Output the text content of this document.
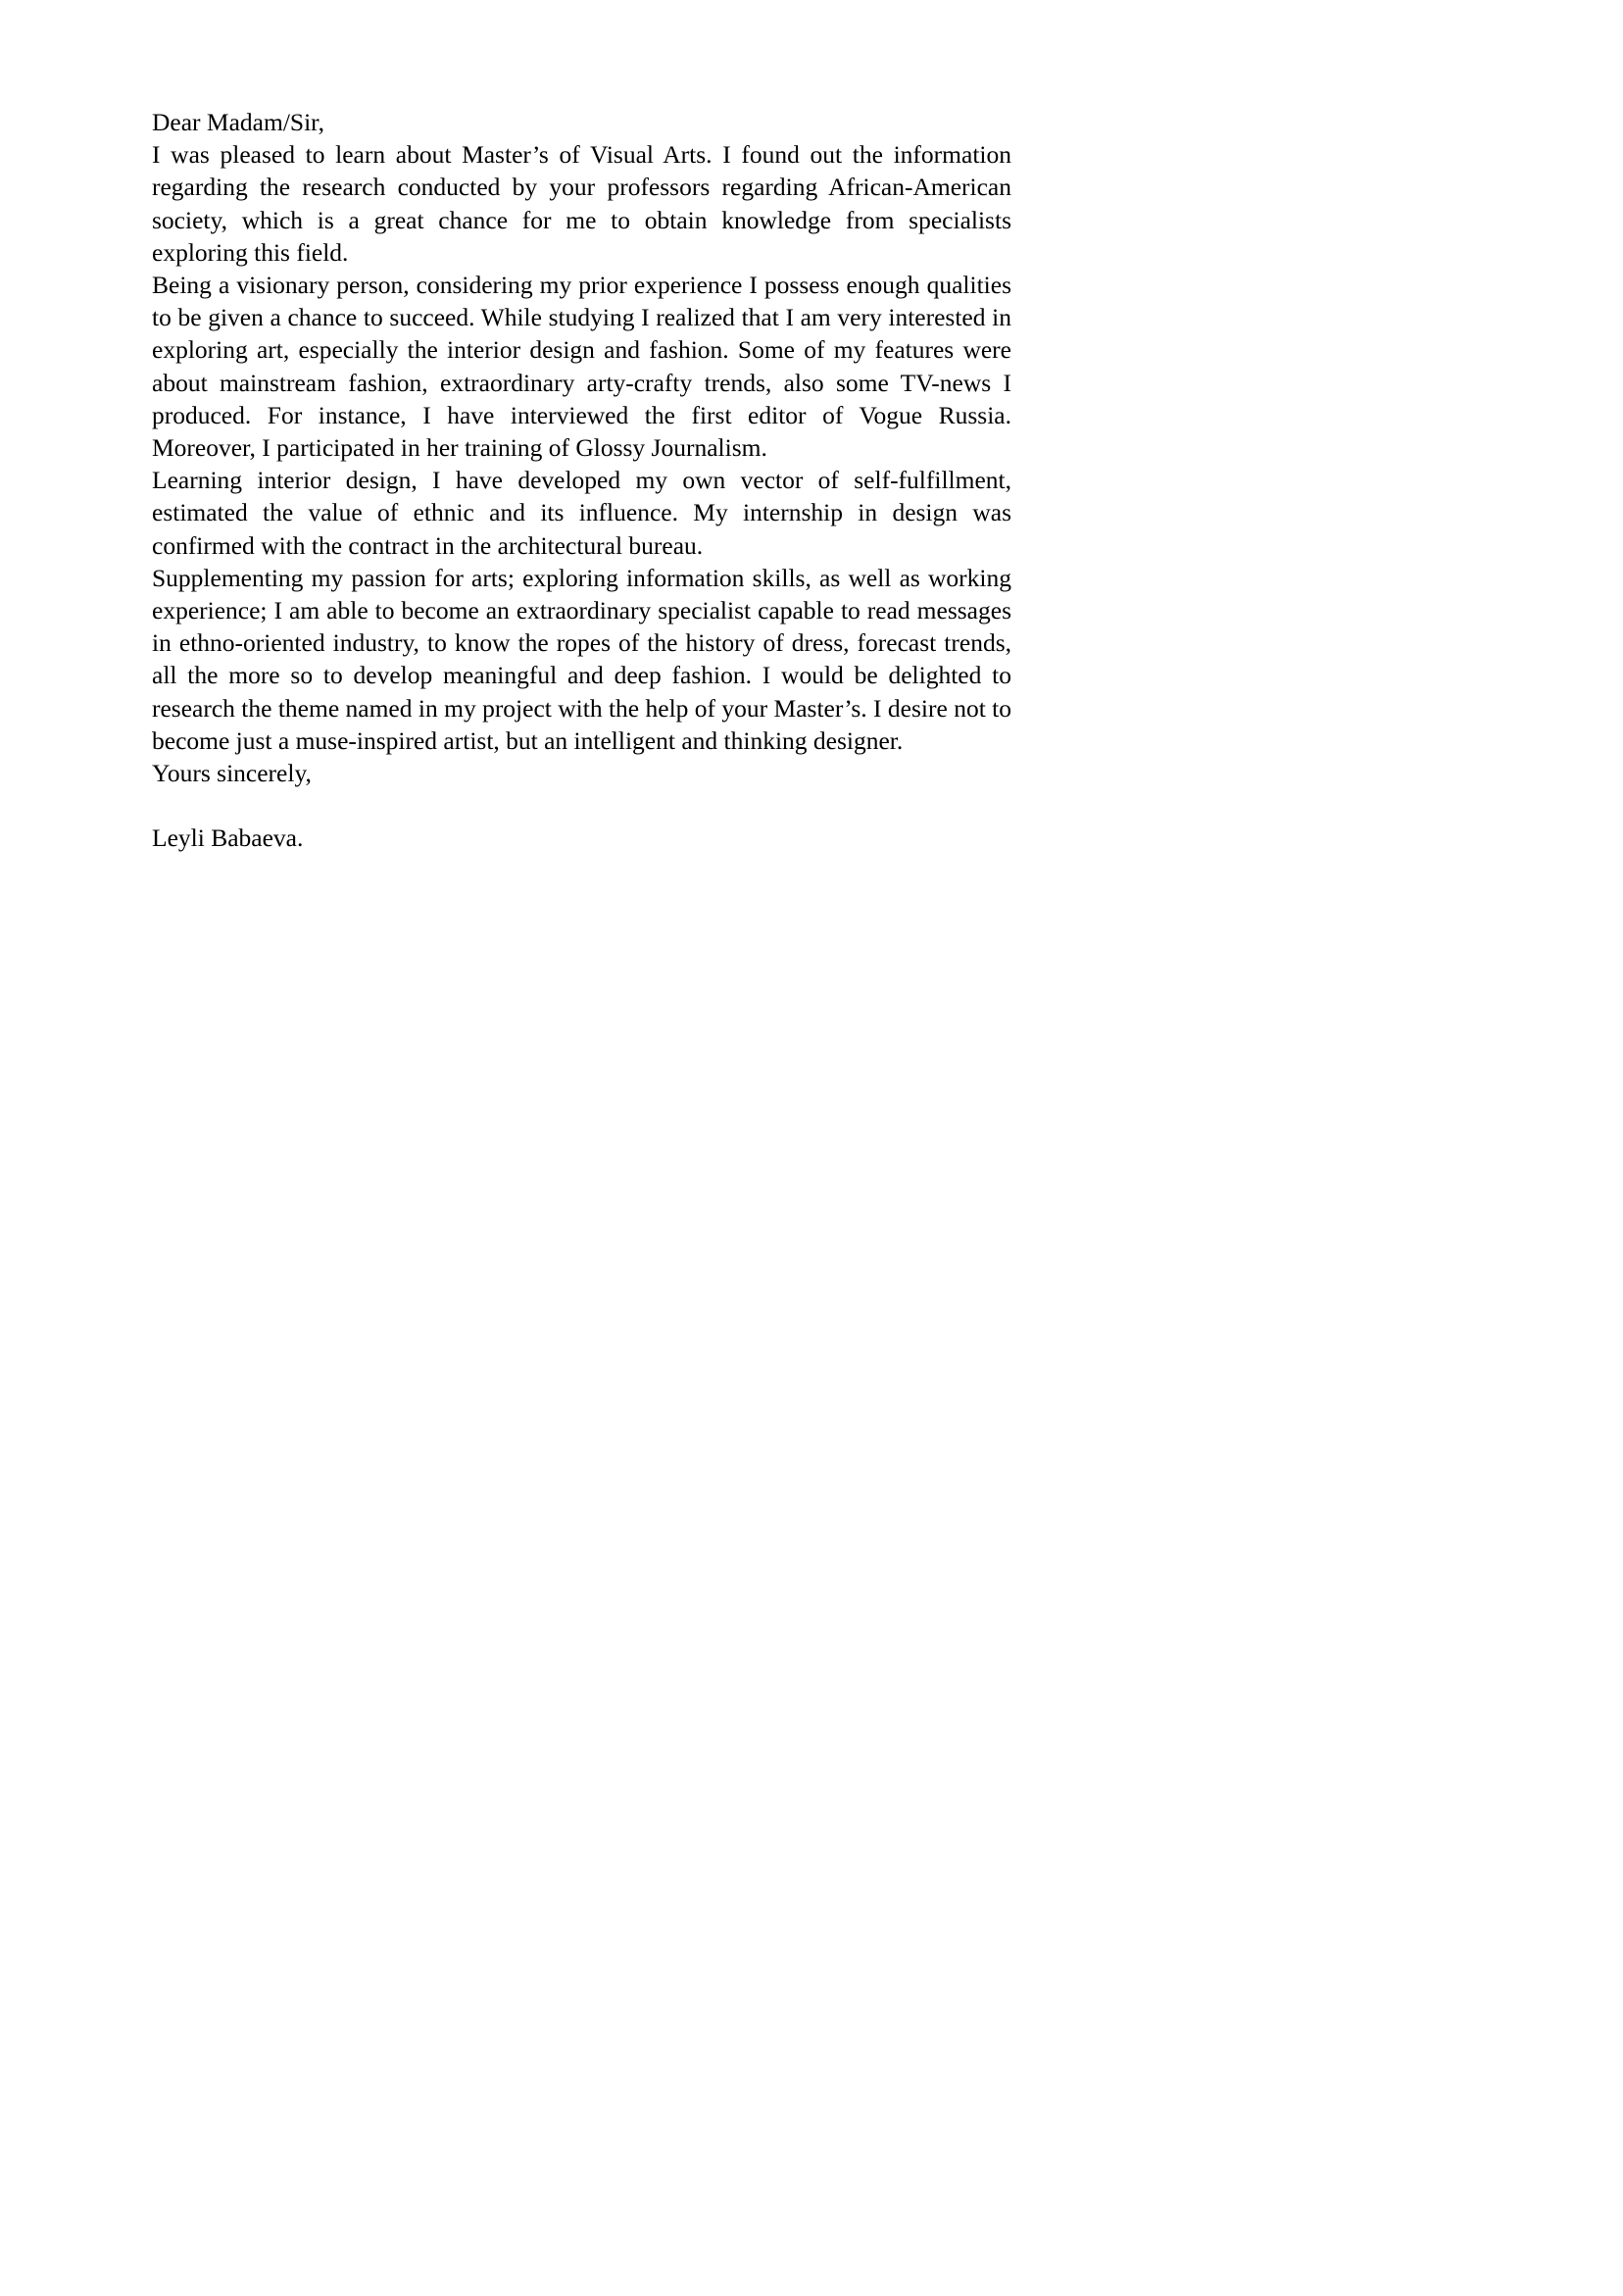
Dear Madam/Sir,

I was pleased to learn about Master’s of Visual Arts. I found out the information regarding the research conducted by your professors regarding African-American society, which is a great chance for me to obtain knowledge from specialists exploring this field.

Being a visionary person, considering my prior experience I possess enough qualities to be given a chance to succeed. While studying I realized that I am very interested in exploring art, especially the interior design and fashion. Some of my features were about mainstream fashion, extraordinary arty-crafty trends, also some TV-news I produced. For instance, I have interviewed the first editor of Vogue Russia. Moreover, I participated in her training of Glossy Journalism.

Learning interior design, I have developed my own vector of self-fulfillment, estimated the value of ethnic and its influence. My internship in design was confirmed with the contract in the architectural bureau.

Supplementing my passion for arts; exploring information skills, as well as working experience; I am able to become an extraordinary specialist capable to read messages in ethno-oriented industry, to know the ropes of the history of dress, forecast trends, all the more so to develop meaningful and deep fashion. I would be delighted to research the theme named in my project with the help of your Master’s. I desire not to become just a muse-inspired artist, but an intelligent and thinking designer.

Yours sincerely,

Leyli Babaeva.
